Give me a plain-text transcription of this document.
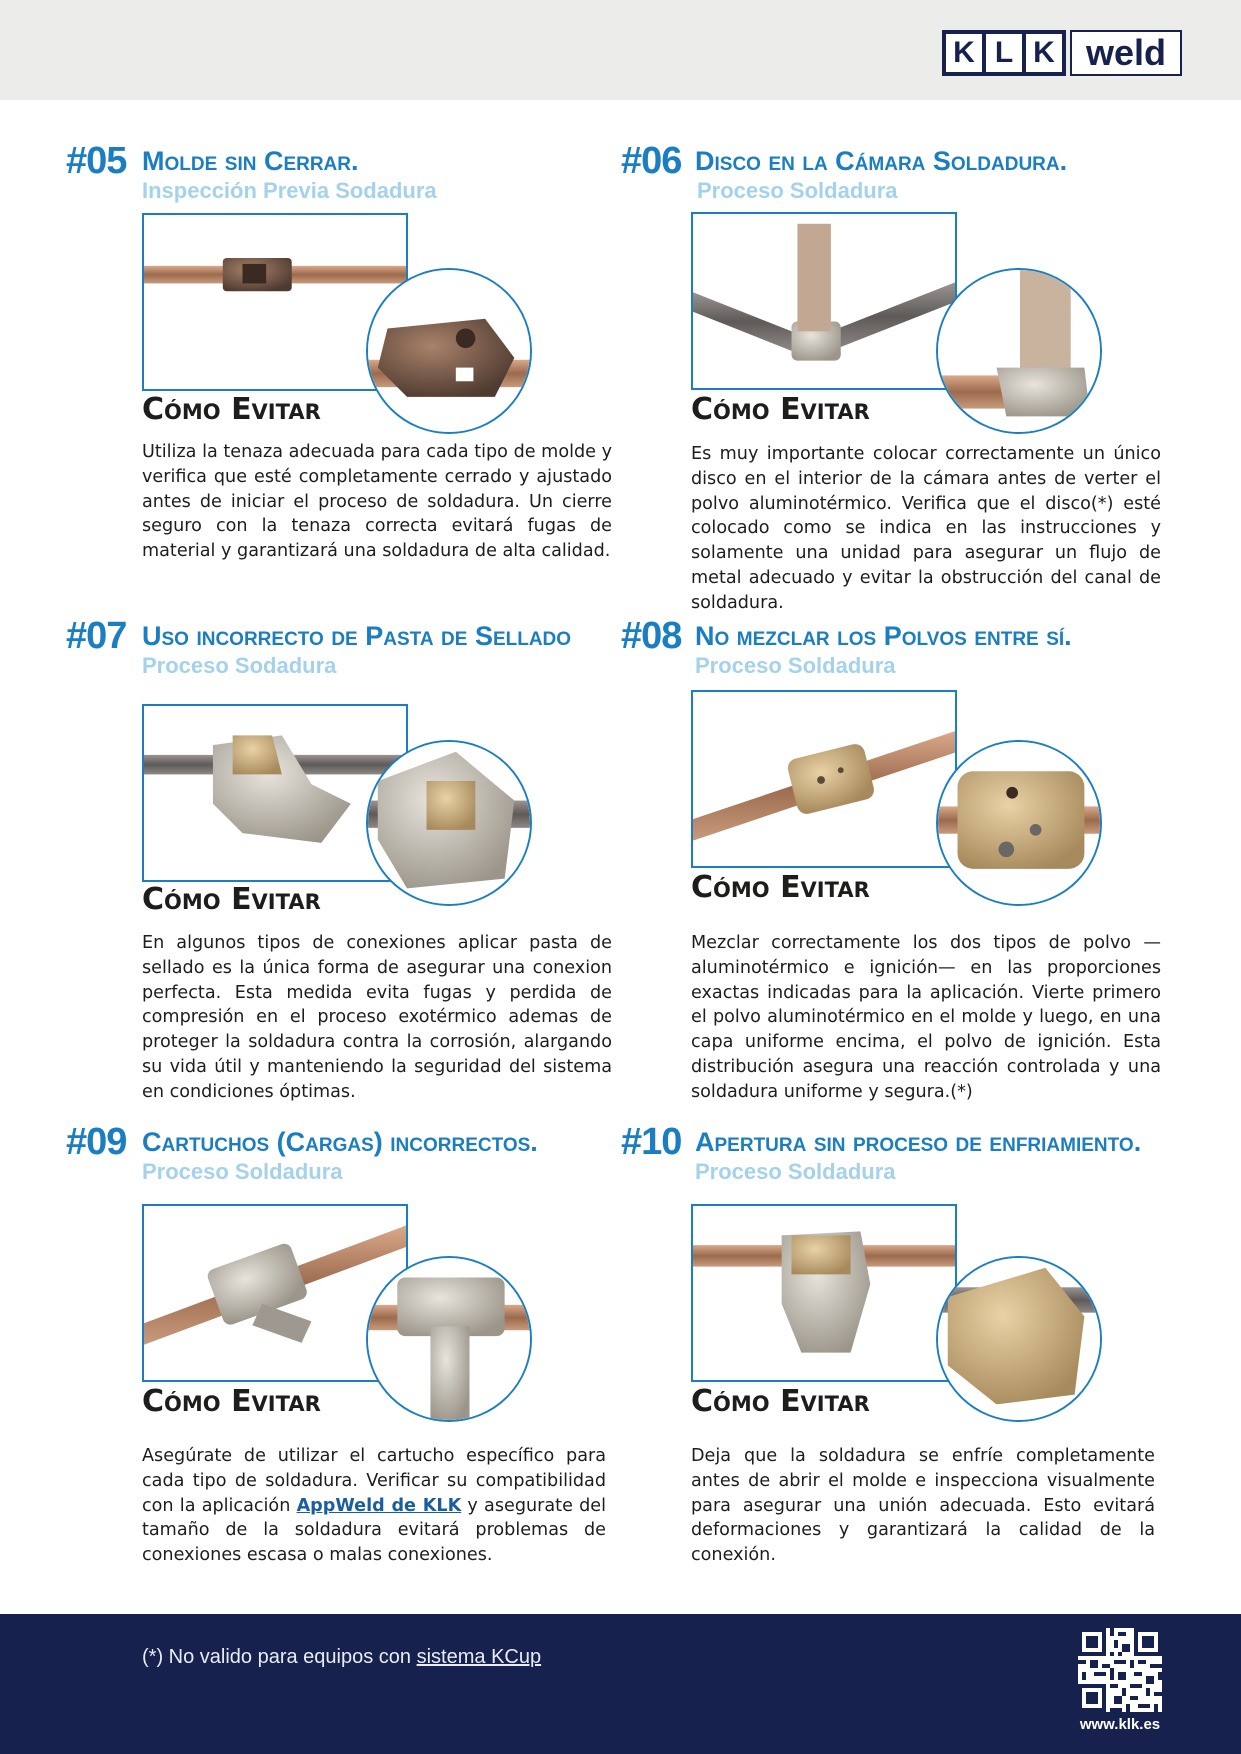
K L K weld
#05 Molde sin Cerrar.
Inspección Previa Sodadura
Cómo Evitar
Utiliza la tenaza adecuada para cada tipo de molde y verifica que esté completamente cerrado y ajustado antes de iniciar el proceso de soldadura. Un cierre seguro con la tenaza correcta evitará fugas de material y garantizará una soldadura de alta calidad.
#06 Disco en la Cámara Soldadura.
Proceso Soldadura
Cómo Evitar
Es muy importante colocar correctamente un único disco en el interior de la cámara antes de verter el polvo aluminotérmico. Verifica que el disco(*) esté colocado como se indica en las instrucciones y solamente una unidad para asegurar un flujo de metal adecuado y evitar la obstrucción del canal de soldadura.
#07 Uso incorrecto de Pasta de Sellado
Proceso Sodadura
Cómo Evitar
En algunos tipos de conexiones aplicar pasta de sellado es la única forma de asegurar una conexion perfecta. Esta medida evita fugas y perdida de compresión en el proceso exotérmico ademas de proteger la soldadura contra la corrosión, alargando su vida útil y manteniendo la seguridad del sistema en condiciones óptimas.
#08 No mezclar los Polvos entre sí.
Proceso Soldadura
Cómo Evitar
Mezclar correctamente los dos tipos de polvo — aluminotérmico e ignición— en las proporciones exactas indicadas para la aplicación. Vierte primero el polvo aluminotérmico en el molde y luego, en una capa uniforme encima, el polvo de ignición. Esta distribución asegura una reacción controlada y una soldadura uniforme y segura.(*)
#09 Cartuchos (Cargas) incorrectos.
Proceso Soldadura
Cómo Evitar
Asegúrate de utilizar el cartucho específico para cada tipo de soldadura. Verificar su compatibilidad con la aplicación AppWeld de KLK y asegurate del tamaño de la soldadura evitará problemas de conexiones escasa o malas conexiones.
#10 Apertura sin proceso de enfriamiento.
Proceso Soldadura
Cómo Evitar
Deja que la soldadura se enfríe completamente antes de abrir el molde e inspecciona visualmente para asegurar una unión adecuada. Esto evitará deformaciones y garantizará la calidad de la conexión.
(*) No valido para equipos con sistema KCup
www.klk.es
